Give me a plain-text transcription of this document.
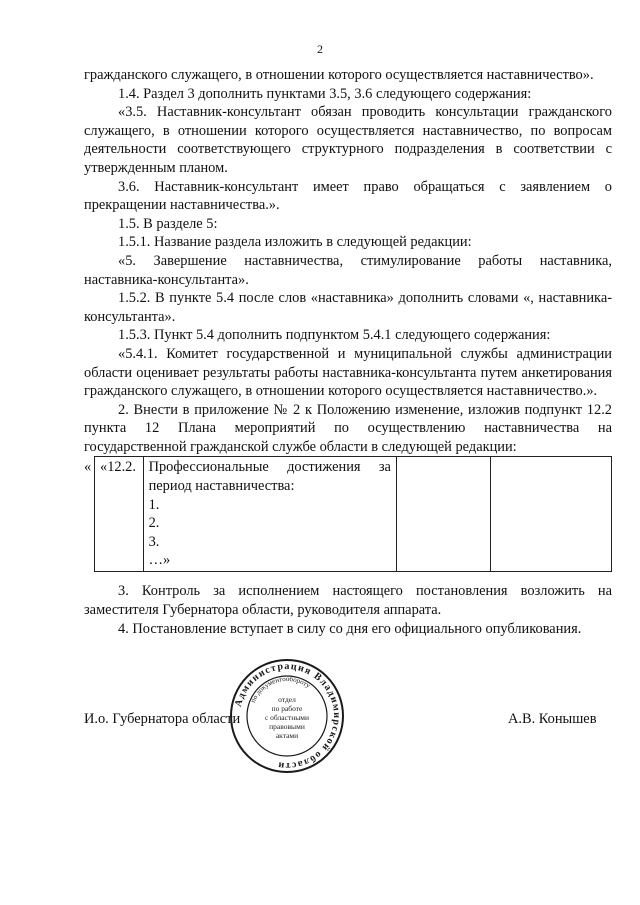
2

гражданского служащего, в отношении которого осуществляется наставничество».

1.4. Раздел 3 дополнить пунктами 3.5, 3.6 следующего содержания:

«3.5. Наставник-консультант обязан проводить консультации гражданского служащего, в отношении которого осуществляется наставничество, по вопросам деятельности соответствующего структурного подразделения в соответствии с утвержденным планом.

3.6. Наставник-консультант имеет право обращаться с заявлением о прекращении наставничества.».

1.5. В разделе 5:

1.5.1. Название раздела изложить в следующей редакции:

«5. Завершение наставничества, стимулирование работы наставника, наставника-консультанта».

1.5.2. В пункте 5.4 после слов «наставника» дополнить словами «, наставника-консультанта».

1.5.3. Пункт 5.4 дополнить подпунктом 5.4.1 следующего содержания:

«5.4.1. Комитет государственной и муниципальной службы администрации области оценивает результаты работы наставника-консультанта путем анкетирования гражданского служащего, в отношении которого осуществляется наставничество.».

2. Внести в приложение № 2 к Положению изменение, изложив подпункт 12.2 пункта 12 Плана мероприятий по осуществлению наставничества на государственной гражданской службе области в следующей редакции:

« «12.2.	Профессиональные достижения за
период наставничества:
1.
2.
3.
…»

3. Контроль за исполнением настоящего постановления возложить на заместителя Губернатора области, руководителя аппарата.

4. Постановление вступает в силу со дня его официального опубликования.

И.о. Губернатора области	А.В. Конышев
Администрация Владимирской области
по документообороту
отдел
по работе
с областными
правовыми
актами
